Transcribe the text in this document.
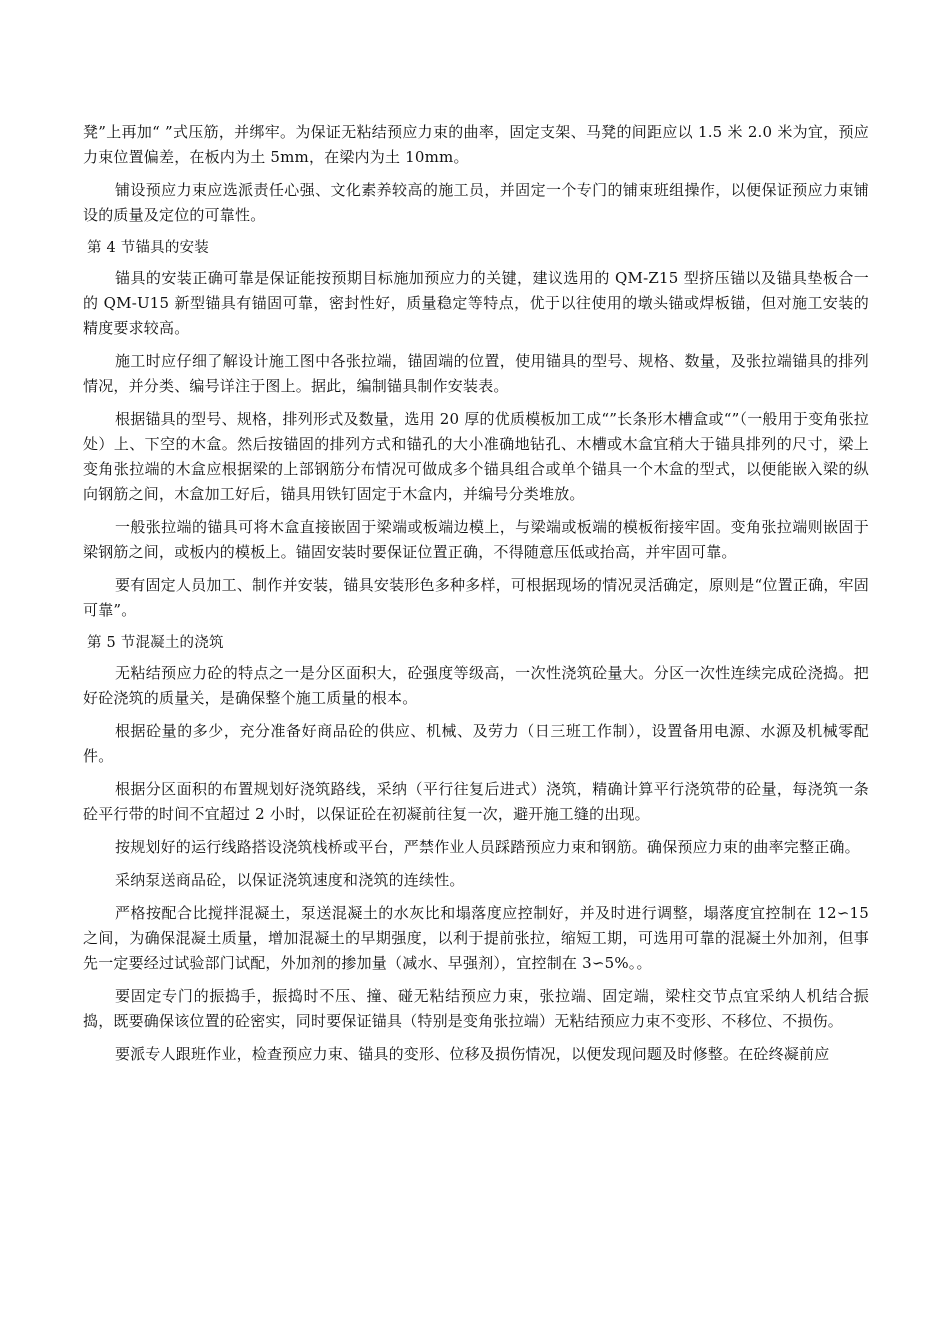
凳”上再加“ ”式压筋，并绑牢。为保证无粘结预应力束的曲率，固定支架、马凳的间距应以 1.5 米 2.0 米为宜，预应力束位置偏差，在板内为土 5mm，在梁内为土 10mm。

铺设预应力束应选派责任心强、文化素养较高的施工员，并固定一个专门的铺束班组操作，以便保证预应力束铺设的质量及定位的可靠性。

第 4 节锚具的安装

锚具的安装正确可靠是保证能按预期目标施加预应力的关键，建议选用的 QM-Z15 型挤压锚以及锚具垫板合一的 QM-U15 新型锚具有锚固可靠，密封性好，质量稳定等特点，优于以往使用的墩头锚或焊板锚，但对施工安装的精度要求较高。

施工时应仔细了解设计施工图中各张拉端，锚固端的位置，使用锚具的型号、规格、数量，及张拉端锚具的排列情况，并分类、编号详注于图上。据此，编制锚具制作安装表。

根据锚具的型号、规格，排列形式及数量，选用 20 厚的优质模板加工成“”长条形木槽盒或“”（一般用于变角张拉处）上、下空的木盒。然后按锚固的排列方式和锚孔的大小准确地钻孔、木槽或木盒宜稍大于锚具排列的尺寸，梁上变角张拉端的木盒应根据梁的上部钢筋分布情况可做成多个锚具组合或单个锚具一个木盒的型式，以便能嵌入梁的纵向钢筋之间，木盒加工好后，锚具用铁钉固定于木盒内，并编号分类堆放。

一般张拉端的锚具可将木盒直接嵌固于梁端或板端边模上，与梁端或板端的模板衔接牢固。变角张拉端则嵌固于梁钢筋之间，或板内的模板上。锚固安装时要保证位置正确，不得随意压低或抬高，并牢固可靠。

要有固定人员加工、制作并安装，锚具安装形色多种多样，可根据现场的情况灵活确定，原则是“位置正确，牢固可靠”。

第 5 节混凝土的浇筑

无粘结预应力砼的特点之一是分区面积大，砼强度等级高，一次性浇筑砼量大。分区一次性连续完成砼浇捣。把好砼浇筑的质量关，是确保整个施工质量的根本。

根据砼量的多少，充分准备好商品砼的供应、机械、及劳力（日三班工作制），设置备用电源、水源及机械零配件。

根据分区面积的布置规划好浇筑路线，采纳（平行往复后进式）浇筑，精确计算平行浇筑带的砼量，每浇筑一条砼平行带的时间不宜超过 2 小时，以保证砼在初凝前往复一次，避开施工缝的出现。

按规划好的运行线路搭设浇筑栈桥或平台，严禁作业人员踩踏预应力束和钢筋。确保预应力束的曲率完整正确。

采纳泵送商品砼，以保证浇筑速度和浇筑的连续性。

严格按配合比搅拌混凝土，泵送混凝土的水灰比和塌落度应控制好，并及时进行调整，塌落度宜控制在 12∽15 之间，为确保混凝土质量，增加混凝土的早期强度，以利于提前张拉，缩短工期，可选用可靠的混凝土外加剂，但事先一定要经过试验部门试配，外加剂的掺加量（减水、早强剂），宜控制在 3∽5%。。

要固定专门的振捣手，振捣时不压、撞、碰无粘结预应力束，张拉端、固定端，梁柱交节点宜采纳人机结合振捣，既要确保该位置的砼密实，同时要保证锚具（特别是变角张拉端）无粘结预应力束不变形、不移位、不损伤。

要派专人跟班作业，检查预应力束、锚具的变形、位移及损伤情况，以便发现问题及时修整。在砼终凝前应
